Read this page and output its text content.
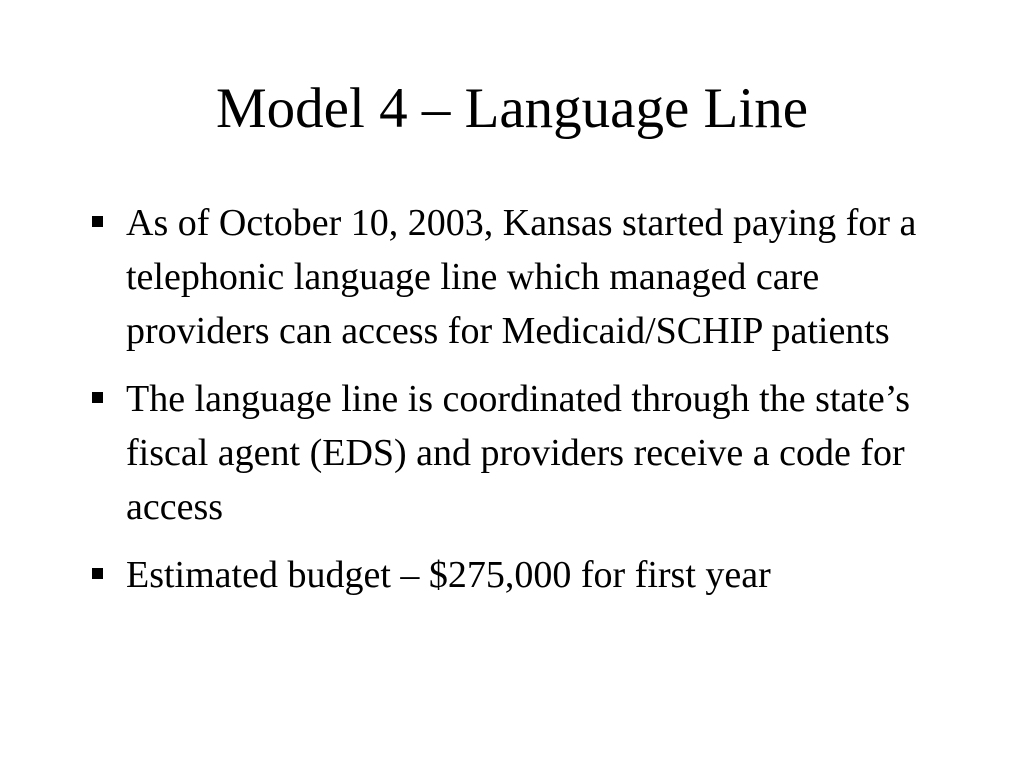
Model 4 – Language Line
As of October 10, 2003, Kansas started paying for a telephonic language line which managed care providers can access for Medicaid/SCHIP patients
The language line is coordinated through the state’s fiscal agent (EDS) and providers receive a code for access
Estimated budget – $275,000 for first year
